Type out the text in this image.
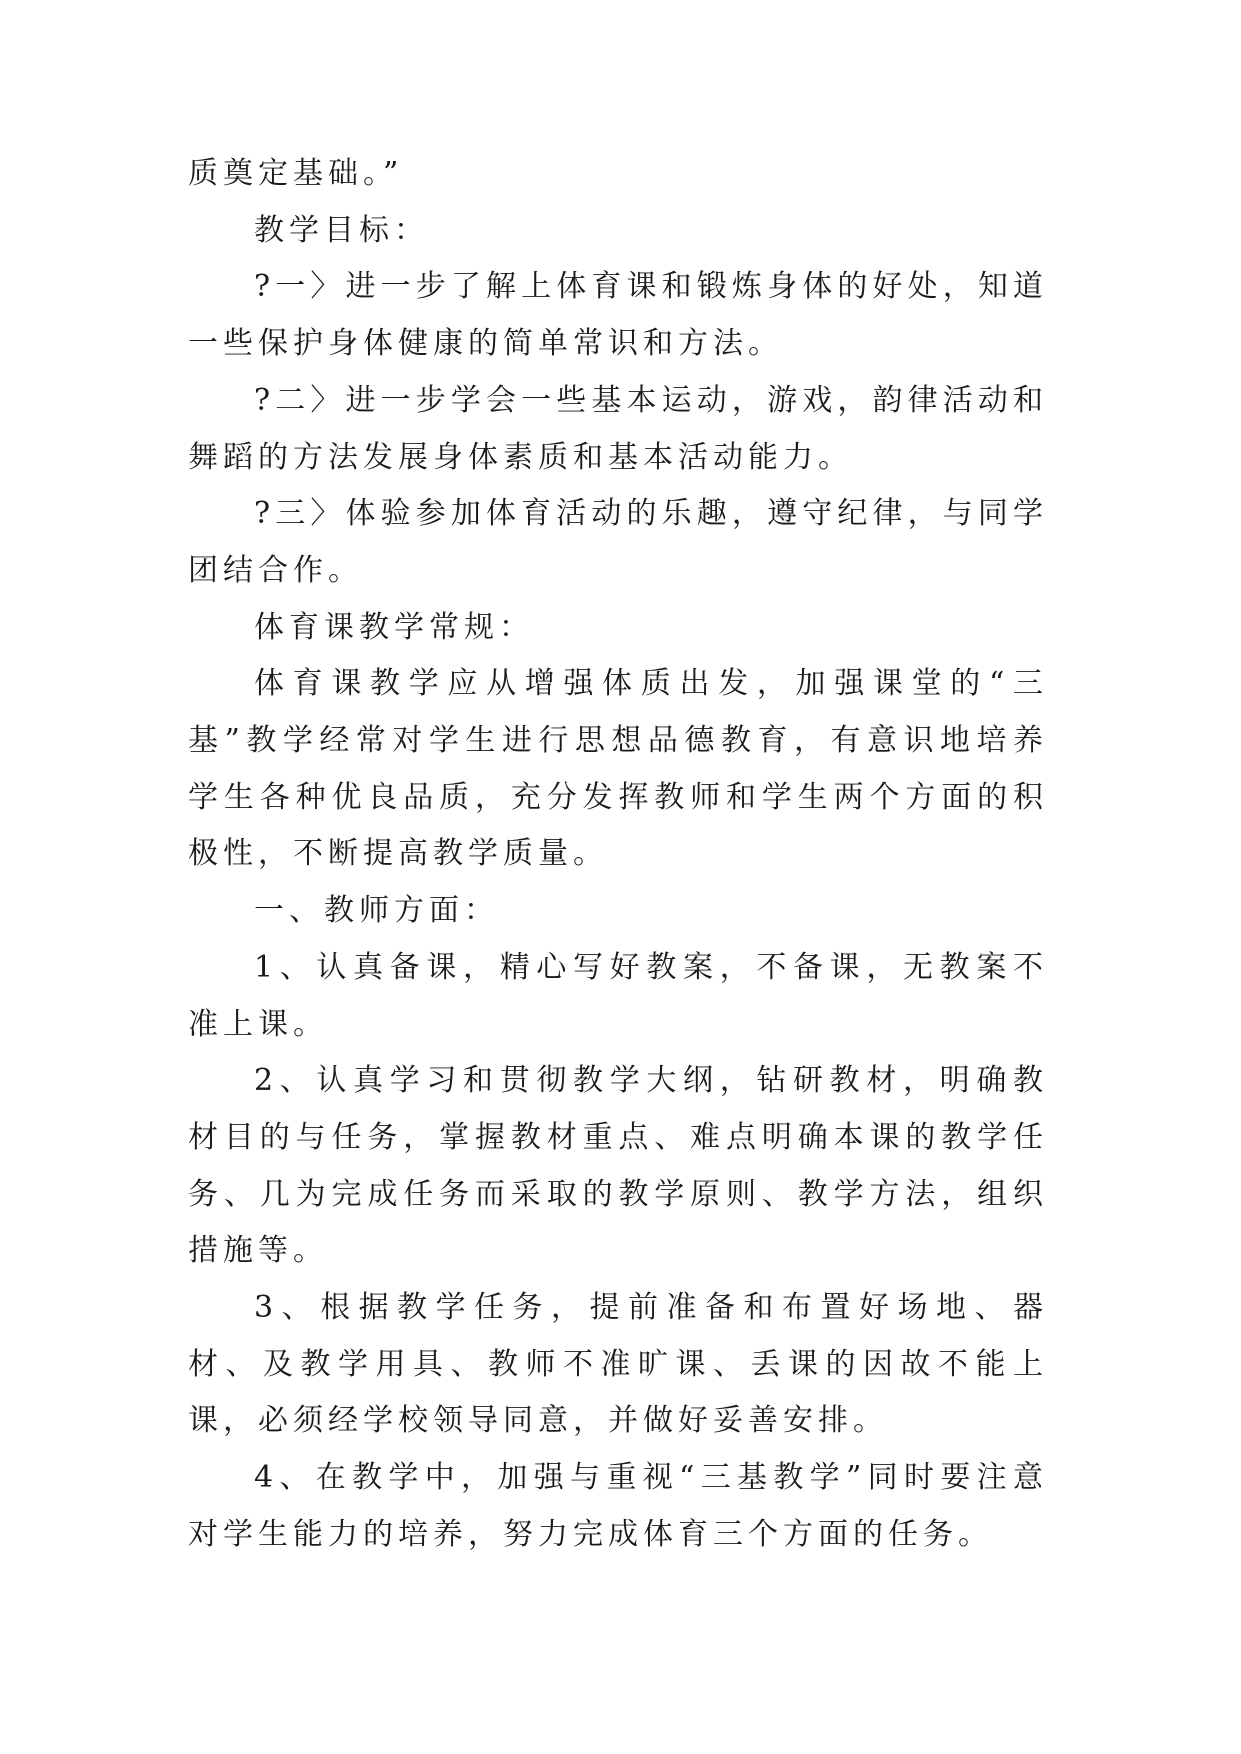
质奠定基础。”

教学目标：

?一〉进一步了解上体育课和锻炼身体的好处，知道一些保护身体健康的简单常识和方法。

?二〉进一步学会一些基本运动，游戏，韵律活动和舞蹈的方法发展身体素质和基本活动能力。

?三〉体验参加体育活动的乐趣，遵守纪律，与同学团结合作。

体育课教学常规：

体育课教学应从增强体质出发，加强课堂的“三基”教学经常对学生进行思想品德教育，有意识地培养学生各种优良品质，充分发挥教师和学生两个方面的积极性，不断提高教学质量。

一、教师方面：

1、认真备课，精心写好教案，不备课，无教案不准上课。

2、认真学习和贯彻教学大纲，钻研教材，明确教材目的与任务，掌握教材重点、难点明确本课的教学任务、几为完成任务而采取的教学原则、教学方法，组织措施等。

3、根据教学任务，提前准备和布置好场地、器材、及教学用具、教师不准旷课、丢课的因故不能上课，必须经学校领导同意，并做好妥善安排。

4、在教学中，加强与重视“三基教学”同时要注意对学生能力的培养，努力完成体育三个方面的任务。
